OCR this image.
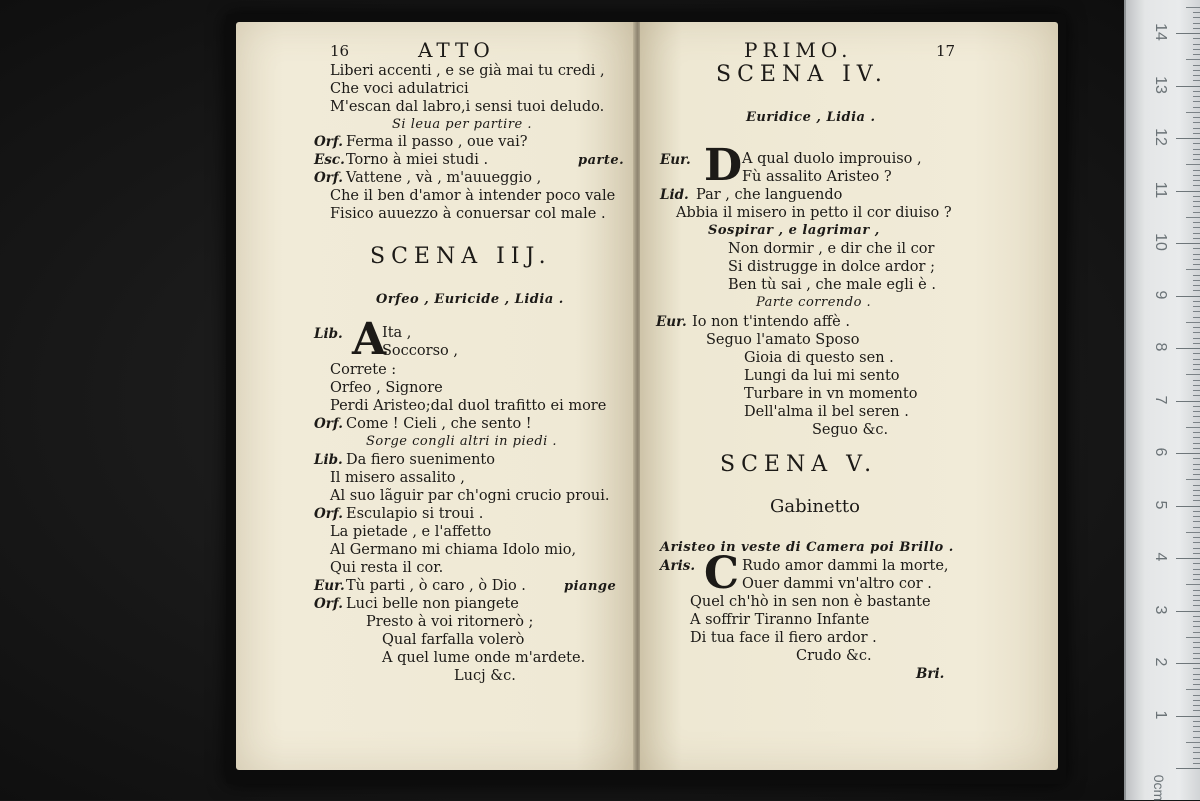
16	ATTO
Liberi accenti , e se già mai tu credi ,
Che voci adulatrici
M'escan dal labro,i sensi tuoi deludo.
Si leua per partire .
Orf. Ferma il passo , oue vai?
Esc. Torno à miei studi .	parte.
Orf. Vattene , và , m'auueggio ,
Che il ben d'amor à intender poco vale
Fisico auuezzo à conuersar col male .
SCENA IIJ.
Orfeo , Euricide , Lidia .
Lib. A
Ita ,
Soccorso ,
Correte :
Orfeo , Signore
Perdi Aristeo;dal duol trafitto ei more
Orf. Come ! Cieli , che sento !
Sorge congli altri in piedi .
Lib. Da fiero suenimento
Il misero assalito ,
Al suo lãguir par ch'ogni crucio proui.
Orf. Esculapio si troui .
La pietade , e l'affetto
Al Germano mi chiama Idolo mio,
Qui resta il cor.
Eur. Tù parti , ò caro , ò Dio .	piange
Orf. Luci belle non piangete
Presto à voi ritornerò ;
Qual farfalla volerò
A quel lume onde m'ardete.
Lucj &c.
PRIMO.	17
SCENA IV.
Euridice , Lidia .
Eur. D A qual duolo improuiso ,
Fù assalito Aristeo ?
Lid. Par , che languendo
Abbia il misero in petto il cor diuiso ?
Sospirar , e lagrimar ,
Non dormir , e dir che il cor
Si distrugge in dolce ardor ;
Ben tù sai , che male egli è .
Parte correndo .
Eur. Io non t'intendo affè .
Seguo l'amato Sposo
Gioia di questo sen .
Lungi da lui mi sento
Turbare in vn momento
Dell'alma il bel seren .
Seguo &c.
SCENA V.
Gabinetto
Aristeo in veste di Camera poi Brillo .
Aris. C Rudo amor dammi la morte,
Ouer dammi vn'altro cor .
Quel ch'hò in sen non è bastante
A soffrir Tiranno Infante
Di tua face il fiero ardor .
Crudo &c.
Bri.
0cm
1
2
3
4
5
6
7
8
9
10
11
12
13
14
